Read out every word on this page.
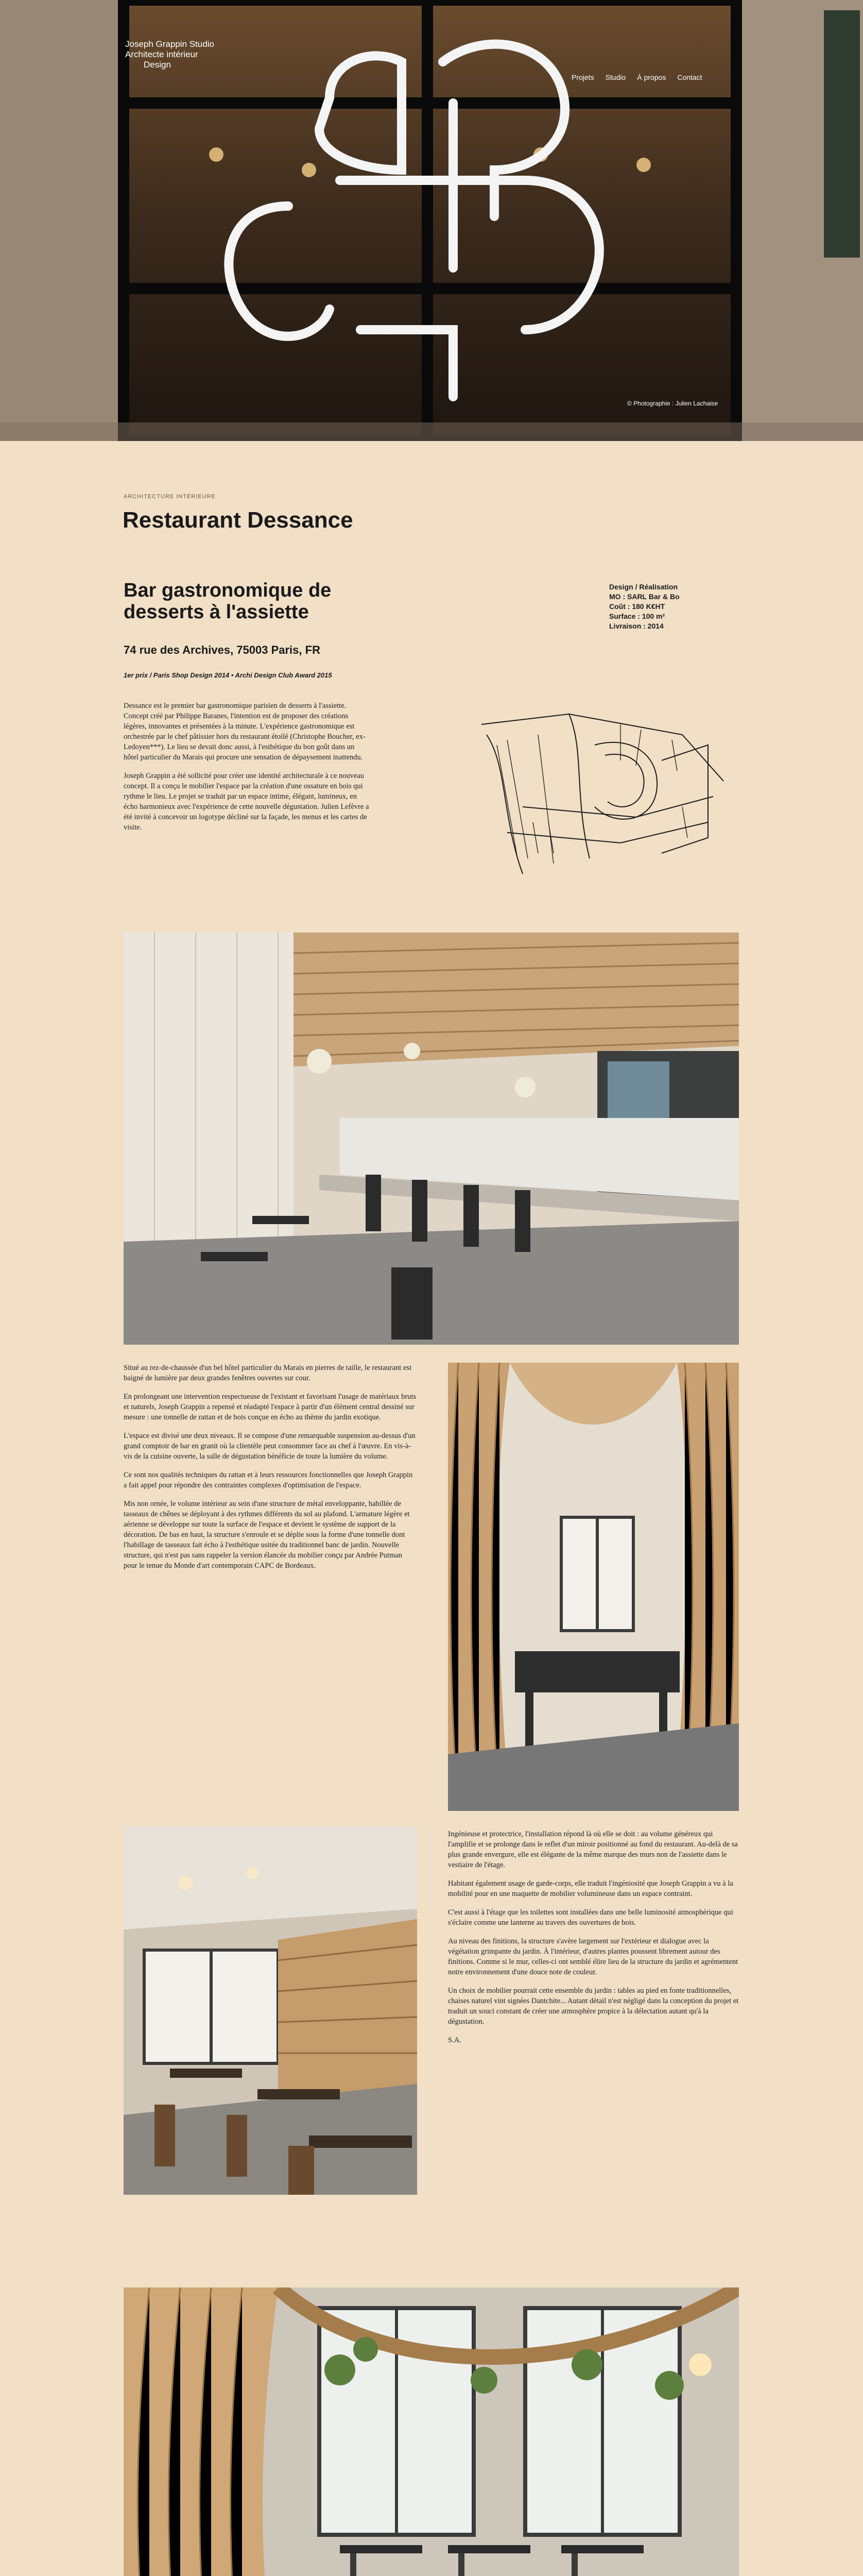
Joseph Grappin Studio
Architecte intérieur
Design
Projets Studio À propos Contact
© Photographie : Julien Lachaise
ARCHITECTURE INTÉRIEURE
Restaurant Dessance
Bar gastronomique de desserts à l'assiette
74 rue des Archives, 75003 Paris, FR
1er prix / Paris Shop Design 2014 • Archi Design Club Award 2015
Design / Réalisation
MO : SARL Bar & Bo
Coût : 180 K€HT
Surface : 100 m²
Livraison : 2014

Dessance est le premier bar gastronomique parisien de desserts à l'assiette. Concept créé par Philippe Baranes, l'intention est de proposer des créations légères, innovantes et présentées à la minute. L'expérience gastronomique est orchestrée par le chef pâtissier hors du restaurant étoilé (Christophe Boucher, ex-Ledoyen***). Le lieu se devait donc aussi, à l'esthétique du bon goût dans un hôtel particulier du Marais qui procure une sensation de dépaysement inattendu.

Joseph Grappin a été sollicité pour créer une identité architecturale à ce nouveau concept. Il a conçu le mobilier l'espace par la création d'une ossature en bois qui rythme le lieu. Le projet se traduit par un espace intime, élégant, lumineux, en écho harmonieux avec l'expérience de cette nouvelle dégustation. Julien Lefèvre a été invité à concevoir un logotype décliné sur la façade, les menus et les cartes de visite.

Situé au rez-de-chaussée d'un bel hôtel particulier du Marais en pierres de taille, le restaurant est baigné de lumière par deux grandes fenêtres ouvertes sur cour.

En prolongeant une intervention respectueuse de l'existant et favorisant l'usage de matériaux bruts et naturels, Joseph Grappin a repensé et réadapté l'espace à partir d'un élément central dessiné sur mesure : une tonnelle de rattan et de bois conçue en écho au thème du jardin exotique.

L'espace est divisé une deux niveaux. Il se compose d'une remarquable suspension au-dessus d'un grand comptoir de bar en granit où la clientèle peut consommer face au chef à l'œuvre. En vis-à-vis de la cuisine ouverte, la salle de dégustation bénéficie de toute la lumière du volume.

Ce sont nos qualités techniques du rattan et à leurs ressources fonctionnelles que Joseph Grappin a fait appel pour répondre des contraintes complexes d'optimisation de l'espace.

Mis non ornée, le volume intérieur au sein d'une structure de métal enveloppante, habillée de tasseaux de chênes se déployant à des rythmes différents du sol au plafond. L'armature légère et aérienne se développe sur toute la surface de l'espace et devient le système de support de la décoration. De bas en haut, la structure s'enroule et se déplie sous la forme d'une tonnelle dont l'habillage de tasseaux fait écho à l'esthétique usitée du traditionnel banc de jardin. Nouvelle structure, qui n'est pas sans rappeler la version élancée du mobilier conçu par Andrée Putman pour le tenue du Monde d'art contemporain CAPC de Bordeaux.

Ingénieuse et protectrice, l'installation répond là où elle se doit : au volume généreux qui l'amplifie et se prolonge dans le reflet d'un miroir positionné au fond du restaurant. Au-delà de sa plus grande envergure, elle est élégante de la même marque des murs non de l'assiette dans le vestiaire de l'étage.

Habitant également usage de garde-corps, elle traduit l'ingéniosité que Joseph Grappin a vu à la mobilité pour en une maquette de mobilier volumineuse dans un espace contraint.

C'est aussi à l'étage que les toilettes sont installées dans une belle luminosité atmosphérique qui s'éclaire comme une lanterne au travers des ouvertures de bois.

Au niveau des finitions, la structure s'avère largement sur l'extérieur et dialogue avec la végétation grimpante du jardin. À l'intérieur, d'autres plantes poussent librement autour des finitions. Comme si le mur, celles-ci ont semblé élire lieu de la structure du jardin et agrémentent notre environnement d'une douce note de couleur.

Un choix de mobilier pourrait cette ensemble du jardin : tables au pied en fonte traditionnelles, chaises naturel vint signées Dantchite... Autant détail n'est négligé dans la conception du projet et traduit un souci constant de créer une atmosphère propice à la délectation autant qu'à la dégustation.

S.A.
